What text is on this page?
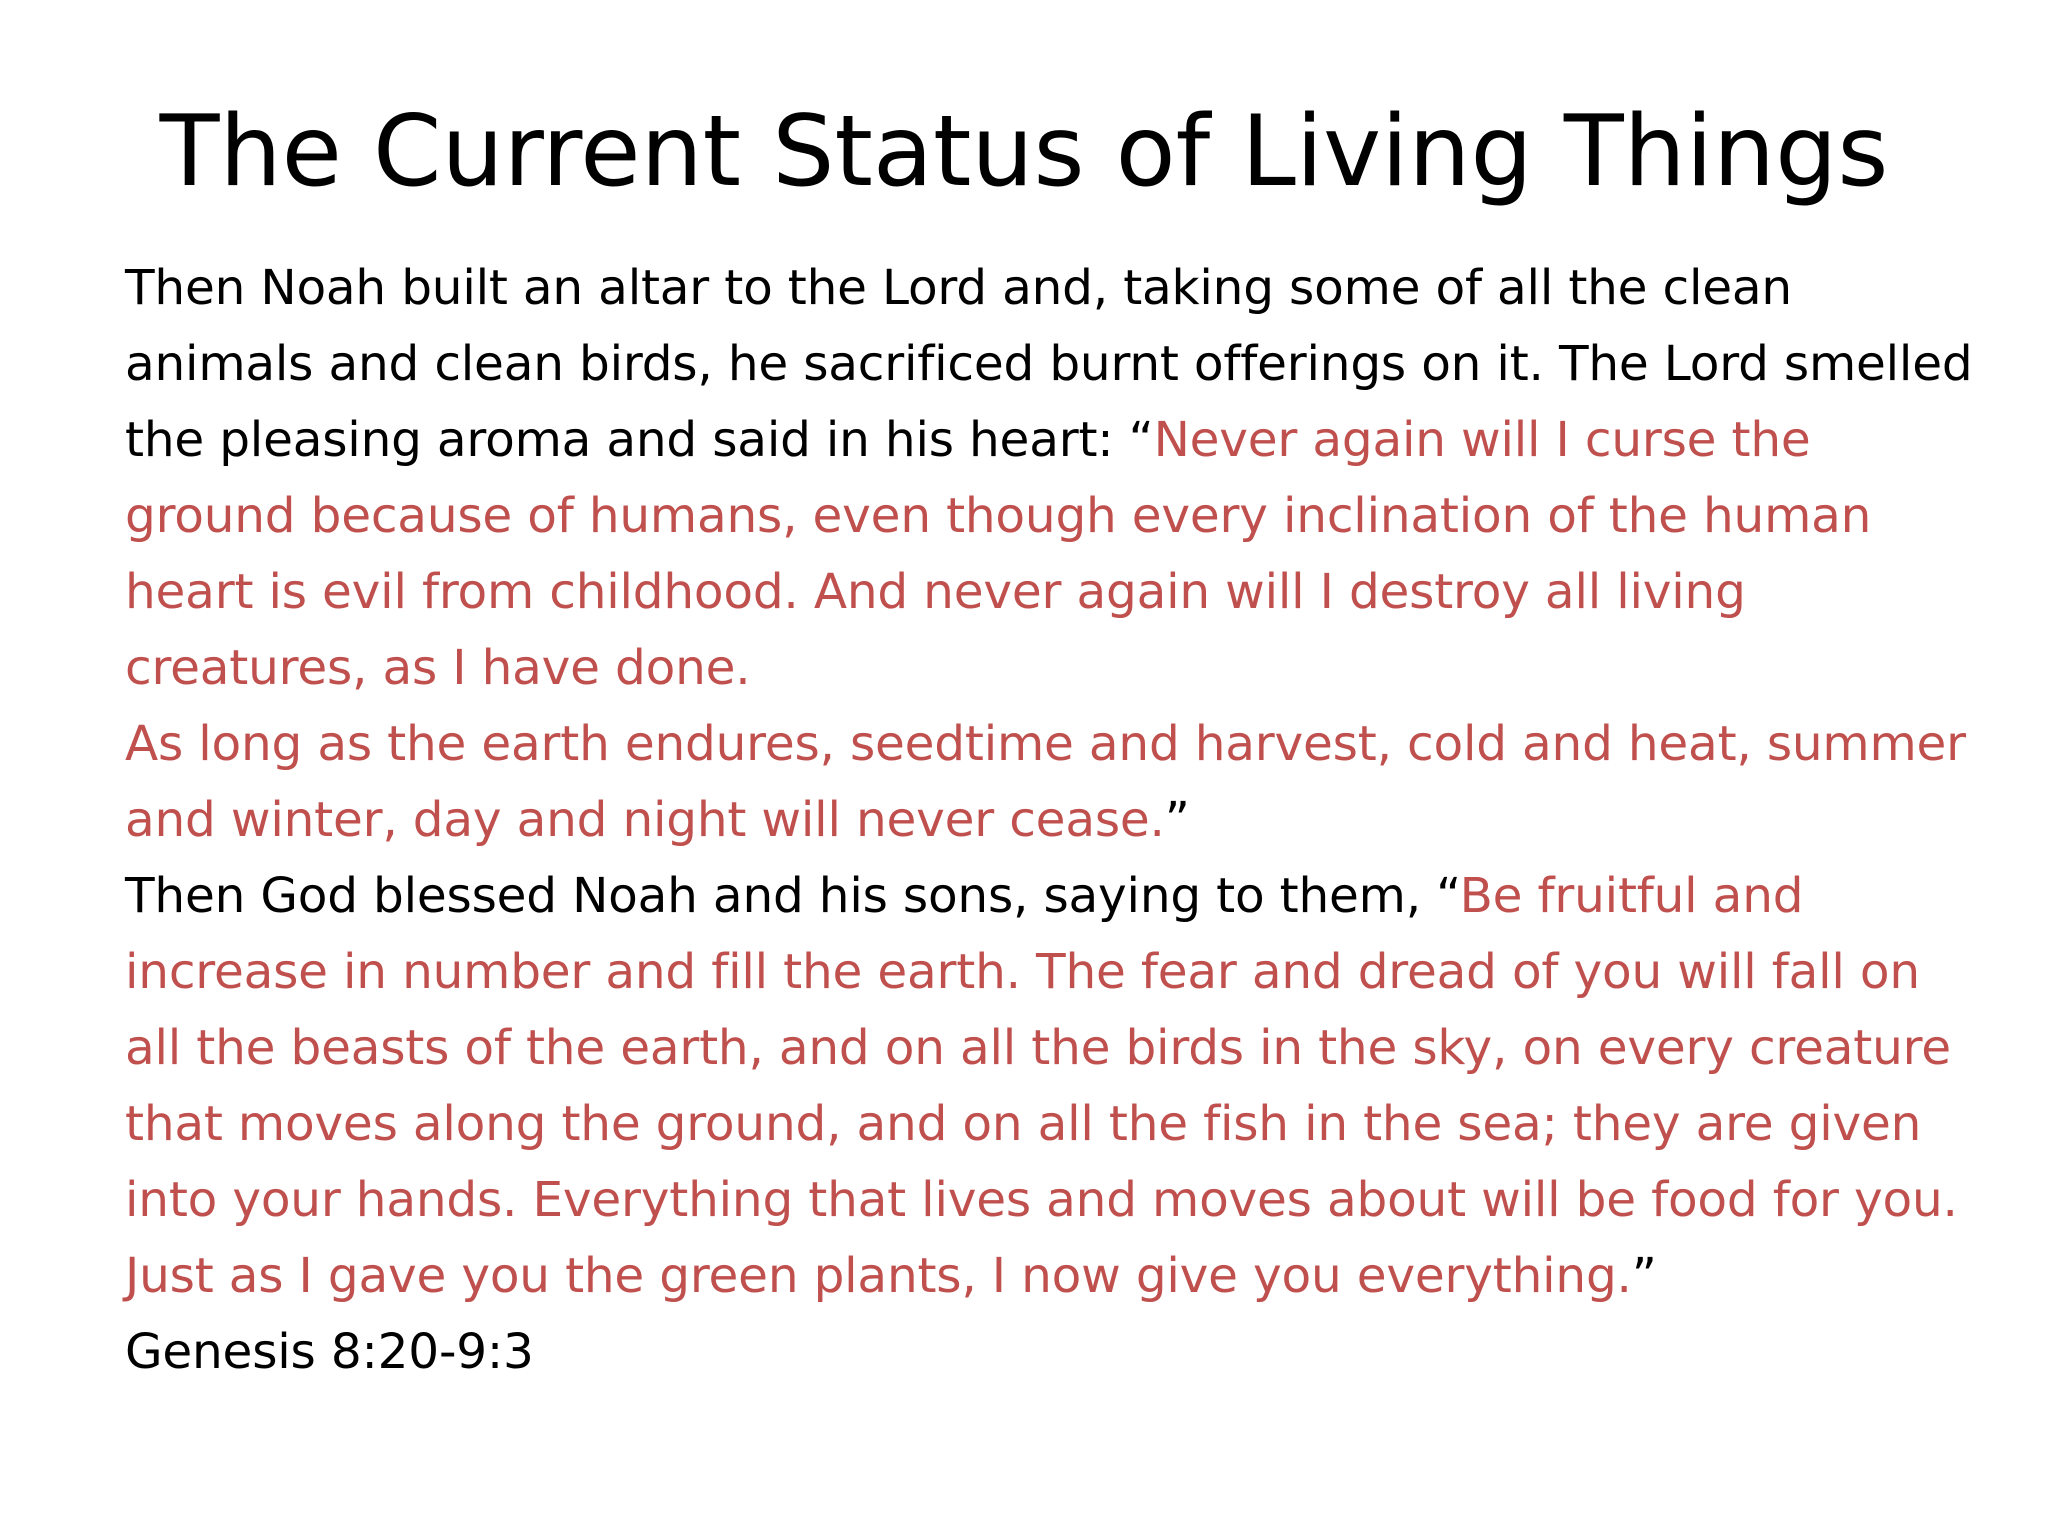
The Current Status of Living Things

Then Noah built an altar to the Lord and, taking some of all the clean animals and clean birds, he sacrificed burnt offerings on it. The Lord smelled the pleasing aroma and said in his heart: “Never again will I curse the ground because of humans, even though every inclination of the human heart is evil from childhood. And never again will I destroy all living creatures, as I have done.

As long as the earth endures, seedtime and harvest, cold and heat, summer and winter, day and night will never cease.”

Then God blessed Noah and his sons, saying to them, “Be fruitful and increase in number and fill the earth. The fear and dread of you will fall on all the beasts of the earth, and on all the birds in the sky, on every creature that moves along the ground, and on all the fish in the sea; they are given into your hands. Everything that lives and moves about will be food for you. Just as I gave you the green plants, I now give you everything.”

Genesis 8:20-9:3
